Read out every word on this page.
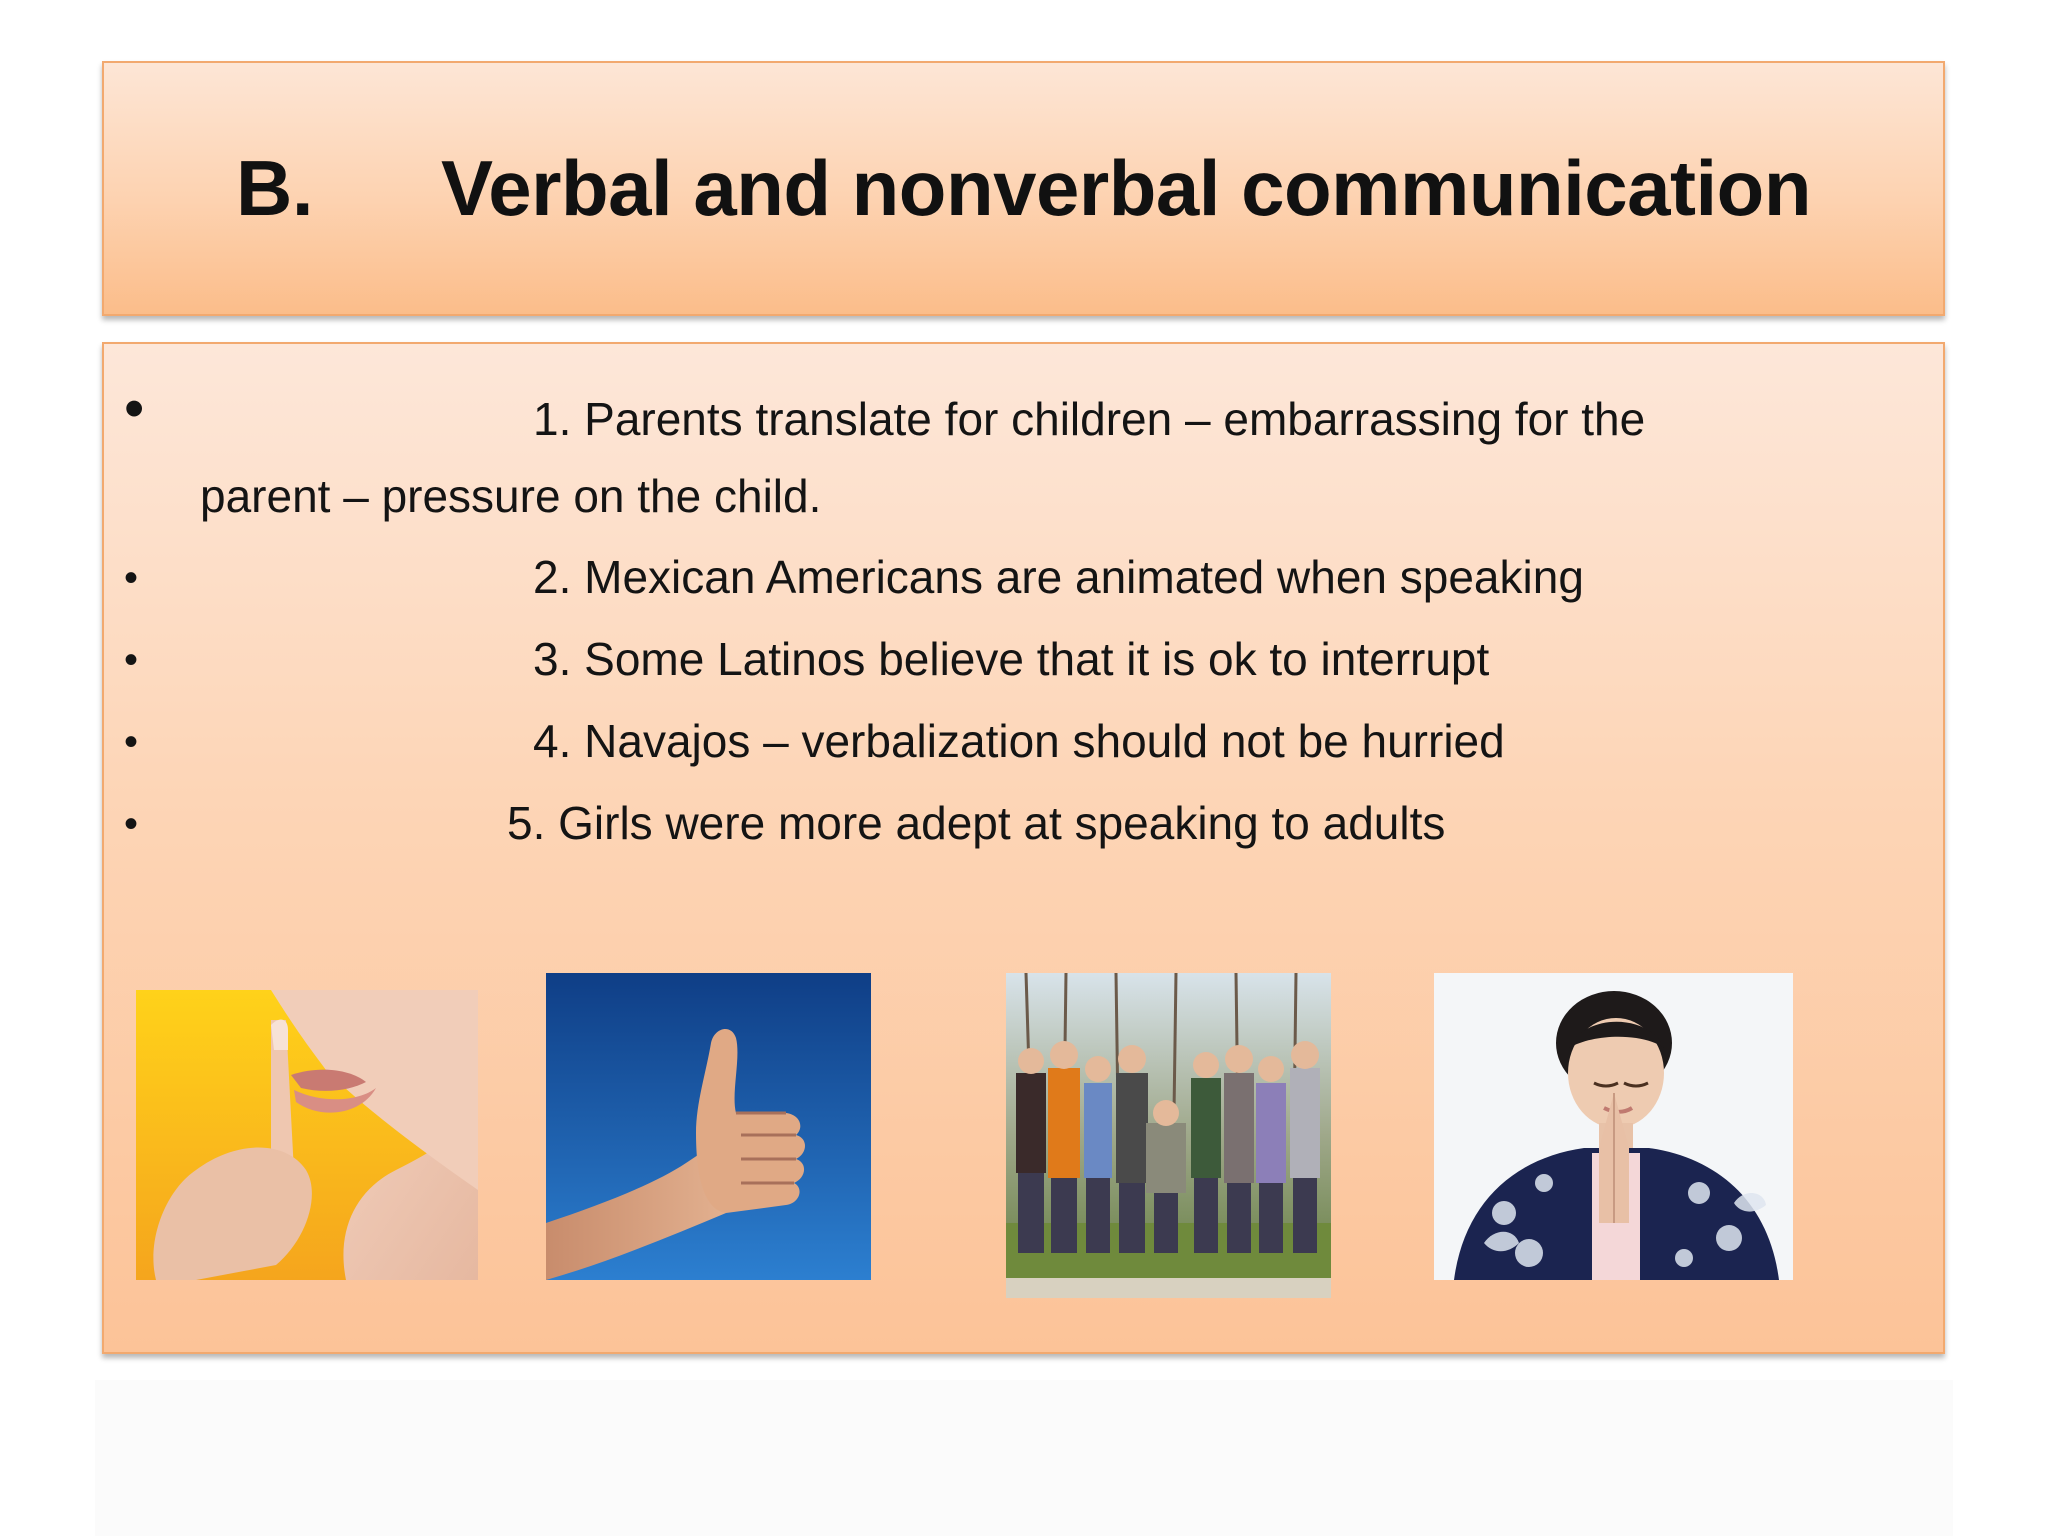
B.	Verbal and nonverbal communication
•	1. Parents translate for children – embarrassing for the
parent – pressure on the child.
•	2. Mexican Americans are animated when speaking
•	3. Some Latinos believe that it is ok to interrupt
•	4. Navajos – verbalization should not be hurried
•	5. Girls were more adept at speaking to adults
